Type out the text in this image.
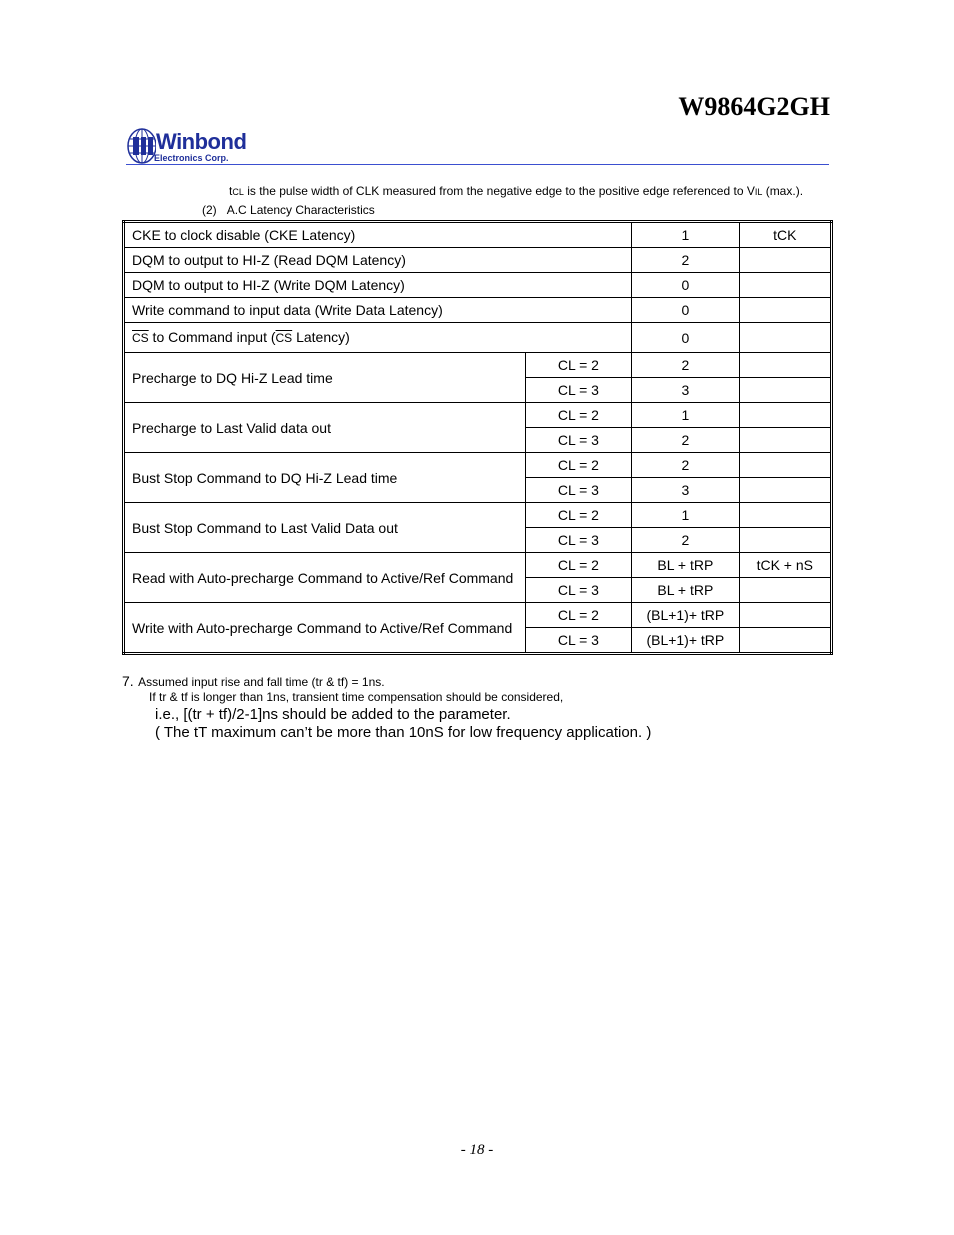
W9864G2GH
Winbond
Electronics Corp.
tCL is the pulse width of CLK measured from the negative edge to the positive edge referenced to VIL (max.).
(2) A.C Latency Characteristics
CKE to clock disable (CKE Latency)		1	tCK
DQM to output to HI-Z (Read DQM Latency)		2	
DQM to output to HI-Z (Write DQM Latency)		0	
Write command to input data (Write Data Latency)		0	
$\overline{CS}$ to Command input ($\overline{CS}$ Latency)		0	
Precharge to DQ Hi-Z Lead time	CL = 2	2	
	CL = 3	3	
Precharge to Last Valid data out	CL = 2	1	
	CL = 3	2	
Bust Stop Command to DQ Hi-Z Lead time	CL = 2	2	
	CL = 3	3	
Bust Stop Command to Last Valid Data out	CL = 2	1	
	CL = 3	2	
Read with Auto-precharge Command to Active/Ref Command	CL = 2	BL + tRP	tCK + nS
	CL = 3	BL + tRP	
Write with Auto-precharge Command to Active/Ref Command	CL = 2	(BL+1)+ tRP	
	CL = 3	(BL+1)+ tRP	
7. Assumed input rise and fall time (tr & tf) = 1ns.
If tr & tf is longer than 1ns, transient time compensation should be considered,
i.e., [(tr + tf)/2-1]ns should be added to the parameter.
( The tT maximum can’t be more than 10nS for low frequency application. )
- 18 -
